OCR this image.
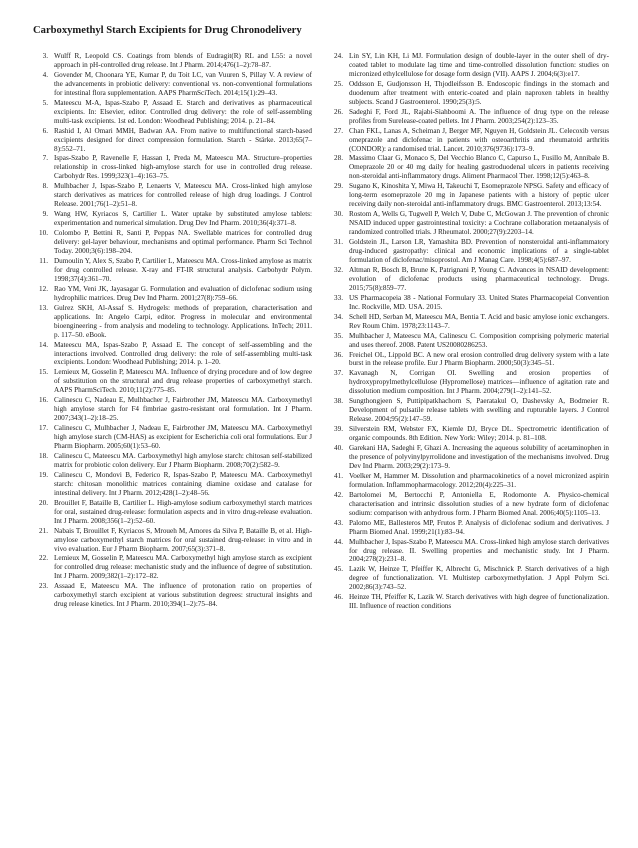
Carboxymethyl Starch Excipients for Drug Chronodelivery
3. Wulff R, Leopold CS. Coatings from blends of Eudragit(R) RL and L55: a novel approach in pH-controlled drug release. Int J Pharm. 2014;476(1–2):78–87.
4. Govender M, Choonara YE, Kumar P, du Toit LC, van Vuuren S, Pillay V. A review of the advancements in probiotic delivery: conventional vs. non-conventional formulations for intestinal flora supplementation. AAPS PharmSciTech. 2014;15(1):29–43.
5. Mateescu M-A, Ispas-Szabo P, Assaad E. Starch and derivatives as pharmaceutical excipients. In: Elsevier, editor. Controlled drug delivery: the role of self-assembling multi-task excipients. 1st ed. London: Woodhead Publishing; 2014. p. 21–84.
6. Rashid I, Al Omari MMH, Badwan AA. From native to multifunctional starch-based excipients designed for direct compression formulation. Starch - Stärke. 2013;65(7–8):552–71.
7. Ispas-Szabo P, Ravenelle F, Hassan I, Preda M, Mateescu MA. Structure–properties relationship in cross-linked high-amylose starch for use in controlled drug release. Carbohydr Res. 1999;323(1–4):163–75.
8. Mulhbacher J, Ispas-Szabo P, Lenaerts V, Mateescu MA. Cross-linked high amylose starch derivatives as matrices for controlled release of high drug loadings. J Control Release. 2001;76(1–2):51–8.
9. Wang HW, Kyriacos S, Cartilier L. Water uptake by substituted amylose tablets: experimentation and numerical simulation. Drug Dev Ind Pharm. 2010;36(4):371–8.
10. Colombo P, Bettini R, Santi P, Peppas NA. Swellable matrices for controlled drug delivery: gel-layer behaviour, mechanisms and optimal performance. Pharm Sci Technol Today. 2000;3(6):198–204.
11. Dumoulin Y, Alex S, Szabo P, Cartilier L, Mateescu MA. Cross-linked amylose as matrix for drug controlled release. X-ray and FT-IR structural analysis. Carbohydr Polym. 1998;37(4):361–70.
12. Rao YM, Veni JK, Jayasagar G. Formulation and evaluation of diclofenac sodium using hydrophilic matrices. Drug Dev Ind Pharm. 2001;27(8):759–66.
13. Gulrez SKH, Al-Assaf S. Hydrogels: methods of preparation, characterisation and applications. In: Angelo Carpi, editor. Progress in molecular and environmental bioengineering - from analysis and modeling to technology. Applications. InTech; 2011. p. 117–50. eBook.
14. Mateescu MA, Ispas-Szabo P, Assaad E. The concept of self-assembling and the interactions involved. Controlled drug delivery: the role of self-assembling multi-task excipients. London: Woodhead Publishing; 2014. p. 1–20.
15. Lemieux M, Gosselin P, Mateescu MA. Influence of drying procedure and of low degree of substitution on the structural and drug release properties of carboxymethyl starch. AAPS PharmSciTech. 2010;11(2):775–85.
16. Calinescu C, Nadeau E, Mulhbacher J, Fairbrother JM, Mateescu MA. Carboxymethyl high amylose starch for F4 fimbriae gastro-resistant oral formulation. Int J Pharm. 2007;343(1–2):18–25.
17. Calinescu C, Mulhbacher J, Nadeau E, Fairbrother JM, Mateescu MA. Carboxymethyl high amylose starch (CM-HAS) as excipient for Escherichia coli oral formulations. Eur J Pharm Biopharm. 2005;60(1):53–60.
18. Calinescu C, Mateescu MA. Carboxymethyl high amylose starch: chitosan self-stabilized matrix for probiotic colon delivery. Eur J Pharm Biopharm. 2008;70(2):582–9.
19. Calinescu C, Mondovi B, Federico R, Ispas-Szabo P, Mateescu MA. Carboxymethyl starch: chitosan monolithic matrices containing diamine oxidase and catalase for intestinal delivery. Int J Pharm. 2012;428(1–2):48–56.
20. Brouillet F, Bataille B, Cartilier L. High-amylose sodium carboxymethyl starch matrices for oral, sustained drug-release: formulation aspects and in vitro drug-release evaluation. Int J Pharm. 2008;356(1–2):52–60.
21. Nabais T, Brouillet F, Kyriacos S, Mroueh M, Amores da Silva P, Bataille B, et al. High-amylose carboxymethyl starch matrices for oral sustained drug-release: in vitro and in vivo evaluation. Eur J Pharm Biopharm. 2007;65(3):371–8.
22. Lemieux M, Gosselin P, Mateescu MA. Carboxymethyl high amylose starch as excipient for controlled drug release: mechanistic study and the influence of degree of substitution. Int J Pharm. 2009;382(1–2):172–82.
23. Assaad E, Mateescu MA. The influence of protonation ratio on properties of carboxymethyl starch excipient at various substitution degrees: structural insights and drug release kinetics. Int J Pharm. 2010;394(1–2):75–84.
24. Lin SY, Lin KH, Li MJ. Formulation design of double-layer in the outer shell of dry-coated tablet to modulate lag time and time-controlled dissolution function: studies on micronized ethylcellulose for dosage form design (VII). AAPS J. 2004;6(3):e17.
25. Oddsson E, Gudjonsson H, Thjodleifsson B. Endoscopic findings in the stomach and duodenum after treatment with enteric-coated and plain naproxen tablets in healthy subjects. Scand J Gastroenterol. 1990;25(3):5.
26. Sadeghi F, Ford JL, Rajabi-Siahboomi A. The influence of drug type on the release profiles from Surelease-coated pellets. Int J Pharm. 2003;254(2):123–35.
27. Chan FKL, Lanas A, Scheiman J, Berger MF, Nguyen H, Goldstein JL. Celecoxib versus omeprazole and diclofenac in patients with osteoarthritis and rheumatoid arthritis (CONDOR): a randomised trial. Lancet. 2010;376(9736):173–9.
28. Massimo Claar G, Monaco S, Del Vecchio Blanco C, Capurso L, Fusillo M, Annibale B. Omeprazole 20 or 40 mg daily for healing gastroduodenal ulcers in patients receiving non-steroidal anti-inflammatory drugs. Aliment Pharmacol Ther. 1998;12(5):463–8.
29. Sugano K, Kinoshita Y, Miwa H, Takeuchi T, Esomeprazole NPSG. Safety and efficacy of long-term esomeprazole 20 mg in Japanese patients with a history of peptic ulcer receiving daily non-steroidal anti-inflammatory drugs. BMC Gastroenterol. 2013;13:54.
30. Rostom A, Wells G, Tugwell P, Welch V, Dube C, McGowan J. The prevention of chronic NSAID induced upper gastrointestinal toxicity: a Cochrane collaboration metaanalysis of randomized controlled trials. J Rheumatol. 2000;27(9):2203–14.
31. Goldstein JL, Larson LR, Yamashita BD. Prevention of nonsteroidal anti-inflammatory drug-induced gastropathy: clinical and economic implications of a single-tablet formulation of diclofenac/misoprostol. Am J Manag Care. 1998;4(5):687–97.
32. Altman R, Bosch B, Brune K, Patrignani P, Young C. Advances in NSAID development: evolution of diclofenac products using pharmaceutical technology. Drugs. 2015;75(8):859–77.
33. US Pharmacopeia 38 - National Formulary 33. United States Pharmacopeial Convention Inc. Rockville, MD. USA. 2015.
34. Schell HD, Serban M, Mateescu MA, Bentia T. Acid and basic amylose ionic exchangers. Rev Roum Chim. 1978;23:1143–7.
35. Mulhbacher J, Mateescu MA, Calinescu C. Composition comprising polymeric material and uses thereof. 2008. Patent US20080286253.
36. Freichel OL, Lippold BC. A new oral erosion controlled drug delivery system with a late burst in the release profile. Eur J Pharm Biopharm. 2000;50(3):345–51.
37. Kavanagh N, Corrigan OI. Swelling and erosion properties of hydroxypropylmethylcellulose (Hypromellose) matrices—influence of agitation rate and dissolution medium composition. Int J Pharm. 2004;279(1–2):141–52.
38. Sungthongjeen S, Puttipipatkhachorn S, Paeratakul O, Dashevsky A, Bodmeier R. Development of pulsatile release tablets with swelling and rupturable layers. J Control Release. 2004;95(2):147–59.
39. Silverstein RM, Webster FX, Kiemle DJ, Bryce DL. Spectrometric identification of organic compounds. 8th Edition. New York: Wiley; 2014. p. 81–108.
40. Garekani HA, Sadeghi F, Ghazi A. Increasing the aqueous solubility of acetaminophen in the presence of polyvinylpyrrolidone and investigation of the mechanisms involved. Drug Dev Ind Pharm. 2003;29(2):173–9.
41. Voelker M, Hammer M. Dissolution and pharmacokinetics of a novel micronized aspirin formulation. Inflammopharmacology. 2012;20(4):225–31.
42. Bartolomei M, Bertocchi P, Antoniella E, Rodomonte A. Physico-chemical characterisation and intrinsic dissolution studies of a new hydrate form of diclofenac sodium: comparison with anhydrous form. J Pharm Biomed Anal. 2006;40(5):1105–13.
43. Palomo ME, Ballesteros MP, Frutos P. Analysis of diclofenac sodium and derivatives. J Pharm Biomed Anal. 1999;21(1):83–94.
44. Mulhbacher J, Ispas-Szabo P, Mateescu MA. Cross-linked high amylose starch derivatives for drug release. II. Swelling properties and mechanistic study. Int J Pharm. 2004;278(2):231–8.
45. Lazik W, Heinze T, Pfeiffer K, Albrecht G, Mischnick P. Starch derivatives of a high degree of functionalization. VI. Multistep carboxymethylation. J Appl Polym Sci. 2002;86(3):743–52.
46. Heinze TH, Pfeiffer K, Lazik W. Starch derivatives with high degree of functionalization. III. Influence of reaction conditions
